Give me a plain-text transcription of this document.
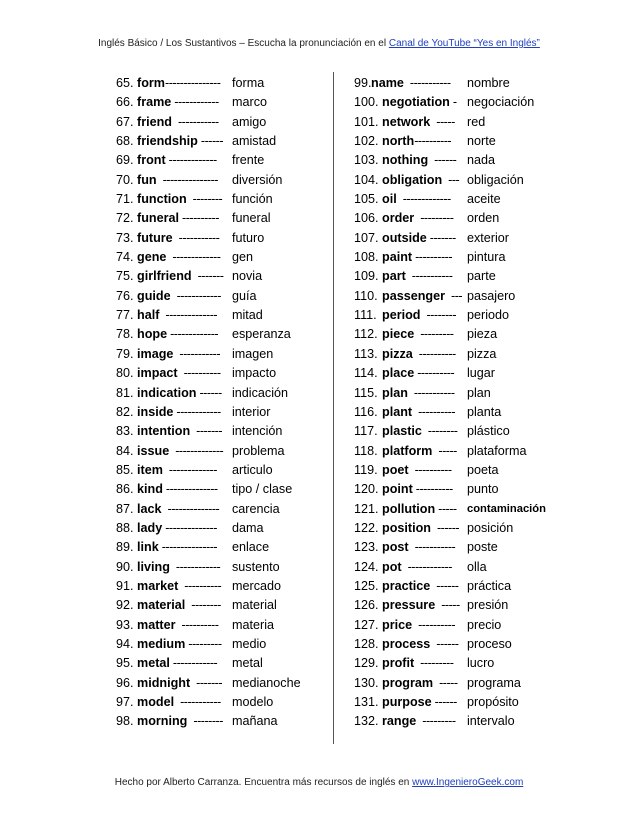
Inglés Básico / Los Sustantivos – Escucha la pronunciación en el Canal de YouTube “Yes en Inglés”
65. form --------------- forma
66. frame ------------ marco
67. friend ----------- amigo
68. friendship ------ amistad
69. front ------------- frente
70. fun --------------- diversión
71. function -------- función
72. funeral ---------- funeral
73. future ----------- futuro
74. gene ------------- gen
75. girlfriend ------- novia
76. guide ------------ guía
77. half -------------- mitad
78. hope ------------- esperanza
79. image ----------- imagen
80. impact ---------- impacto
81. indication ------ indicación
82. inside ------------ interior
83. intention ------- intención
84. issue ------------- problema
85. item ------------- articulo
86. kind -------------- tipo / clase
87. lack -------------- carencia
88. lady -------------- dama
89. link --------------- enlace
90. living ------------ sustento
91. market ---------- mercado
92. material -------- material
93. matter ---------- materia
94. medium --------- medio
95. metal ------------ metal
96. midnight ------- medianoche
97. model ----------- modelo
98. morning -------- mañana
99. name ----------- nombre
100. negotiation - negociación
101. network ----- red
102. north ---------- norte
103. nothing ------ nada
104. obligation --- obligación
105. oil ------------- aceite
106. order --------- orden
107. outside ------- exterior
108. paint ---------- pintura
109. part ----------- parte
110. passenger --- pasajero
111. period -------- periodo
112. piece --------- pieza
113. pizza ---------- pizza
114. place ---------- lugar
115. plan ----------- plan
116. plant ---------- planta
117. plastic -------- plástico
118. platform ----- plataforma
119. poet ---------- poeta
120. point ---------- punto
121. pollution ----- contaminación
122. position ------ posición
123. post ----------- poste
124. pot ------------ olla
125. practice ------ práctica
126. pressure ----- presión
127. price ---------- precio
128. process ------ proceso
129. profit --------- lucro
130. program ----- programa
131. purpose ------ propósito
132. range --------- intervalo
Hecho por Alberto Carranza. Encuentra más recursos de inglés en www.IngenieroGeek.com
